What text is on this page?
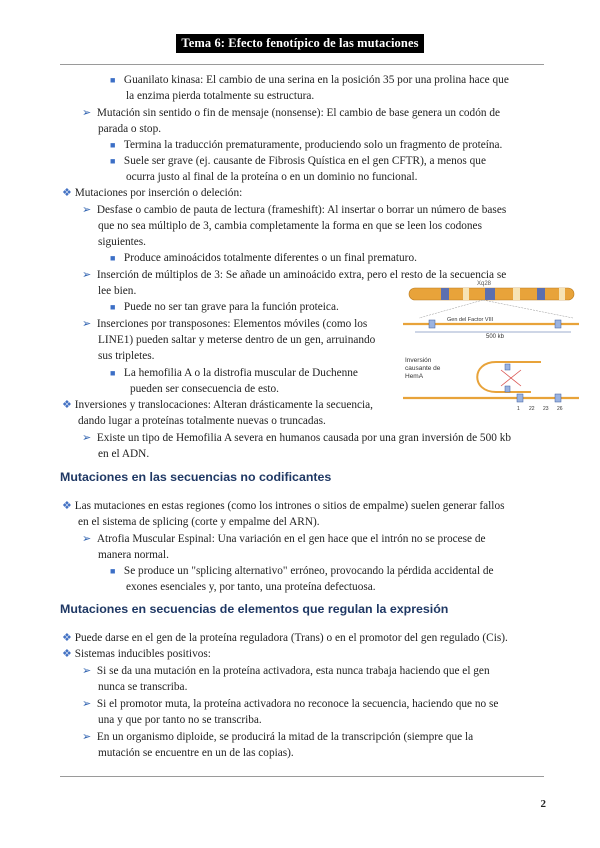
Tema 6: Efecto fenotípico de las mutaciones
■ Guanilato kinasa: El cambio de una serina en la posición 35 por una prolina hace que
la enzima pierda totalmente su estructura.
➢ Mutación sin sentido o fin de mensaje (nonsense): El cambio de base genera un codón de
parada o stop.
■ Termina la traducción prematuramente, produciendo solo un fragmento de proteína.
■ Suele ser grave (ej. causante de Fibrosis Quística en el gen CFTR), a menos que
ocurra justo al final de la proteína o en un dominio no funcional.
❖ Mutaciones por inserción o deleción:
➢ Desfase o cambio de pauta de lectura (frameshift): Al insertar o borrar un número de bases
que no sea múltiplo de 3, cambia completamente la forma en que se leen los codones
siguientes.
■ Produce aminoácidos totalmente diferentes o un final prematuro.
➢ Inserción de múltiplos de 3: Se añade un aminoácido extra, pero el resto de la secuencia se
lee bien.
■ Puede no ser tan grave para la función proteica.
➢ Inserciones por transposones: Elementos móviles (como los
LINE1) pueden saltar y meterse dentro de un gen, arruinando
sus tripletes.
■ La hemofilia A o la distrofia muscular de Duchenne
pueden ser consecuencia de esto.
❖ Inversiones y translocaciones: Alteran drásticamente la secuencia,
dando lugar a proteínas totalmente nuevas o truncadas.
➢ Existe un tipo de Hemofilia A severa en humanos causada por una gran inversión de 500 kb
en el ADN.
Mutaciones en las secuencias no codificantes
❖ Las mutaciones en estas regiones (como los intrones o sitios de empalme) suelen generar fallos
en el sistema de splicing (corte y empalme del ARN).
➢ Atrofia Muscular Espinal: Una variación en el gen hace que el intrón no se procese de
manera normal.
■ Se produce un "splicing alternativo" erróneo, provocando la pérdida accidental de
exones esenciales y, por tanto, una proteína defectuosa.
Mutaciones en secuencias de elementos que regulan la expresión
❖ Puede darse en el gen de la proteína reguladora (Trans) o en el promotor del gen regulado (Cis).
❖ Sistemas inducibles positivos:
➢ Si se da una mutación en la proteína activadora, esta nunca trabaja haciendo que el gen
nunca se transcriba.
➢ Si el promotor muta, la proteína activadora no reconoce la secuencia, haciendo que no se
una y que por tanto no se transcriba.
➢ En un organismo diploide, se producirá la mitad de la transcripción (siempre que la
mutación se encuentre en un de las copias).
Xq28
Gen del Factor VIII
500 kb
Inversión
causante de
HemA
1 22 23 26
2
